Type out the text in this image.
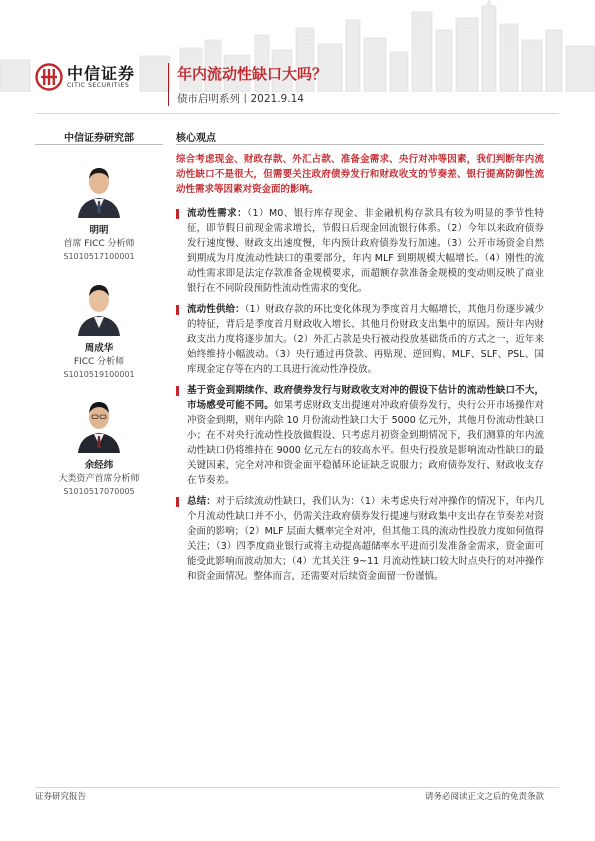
中信证券
CITIC SECURITIES
年内流动性缺口大吗？
债市启明系列丨2021.9.14
中信证券研究部	核心观点
明明
首席 FICC 分析师
S1010517100001
周成华
FICC 分析师
S1010519100001
余经纬
大类资产首席分析师
S1010517070005
综合考虑现金、财政存款、外汇占款、准备金需求、央行对冲等因素，我们判断年内流动性缺口不是很大，但需要关注政府债券发行和财政收支的节奏差、银行提高防御性流动性需求等因素对资金面的影响。
流动性需求：（1）M0、银行库存现金、非金融机构存款具有较为明显的季节性特征，即节假日前现金需求增长，节假日后现金回流银行体系。（2）今年以来政府债券发行速度慢、财政支出速度慢，年内预计政府债券发行加速。（3）公开市场资金自然到期成为月度流动性缺口的重要部分，年内 MLF 到期规模大幅增长。（4）刚性的流动性需求即是法定存款准备金规模要求，而超额存款准备金规模的变动则反映了商业银行在不同阶段预防性流动性需求的变化。
流动性供给：（1）财政存款的环比变化体现为季度首月大幅增长，其他月份逐步减少的特征，背后是季度首月财政收入增长、其他月份财政支出集中的原因。预计年内财政支出力度将逐步加大。（2）外汇占款是央行被动投放基础货币的方式之一，近年来始终维持小幅波动。（3）央行通过再贷款、再贴现、逆回购、MLF、SLF、PSL、国库现金定存等在内的工具进行流动性净投放。
基于资金到期续作、政府债券发行与财政收支对冲的假设下估计的流动性缺口不大，市场感受可能不同。如果考虑财政支出提速对冲政府债券发行，央行公开市场操作对冲资金到期，则年内除 10 月份流动性缺口大于 5000 亿元外，其他月份流动性缺口小；在不对央行流动性投放做假设、只考虑月初资金到期情况下，我们测算的年内流动性缺口仍将维持在 9000 亿元左右的较高水平。但央行投放是影响流动性缺口的最关键因素，完全对冲和资金面平稳循环论证缺乏说服力；政府债券发行、财政收支存在节奏差。
总结：对于后续流动性缺口，我们认为：（1）未考虑央行对冲操作的情况下，年内几个月流动性缺口并不小，仍需关注政府债券发行提速与财政集中支出存在节奏差对资金面的影响；（2）MLF 层面大概率完全对冲，但其他工具的流动性投放力度如何值得关注；（3）四季度商业银行或将主动提高超储率水平进而引发准备金需求，资金面可能受此影响而波动加大；（4）尤其关注 9~11 月流动性缺口较大时点央行的对冲操作和资金面情况。整体而言，还需要对后续资金面留一份谨慎。
证券研究报告	请务必阅读正文之后的免责条款
